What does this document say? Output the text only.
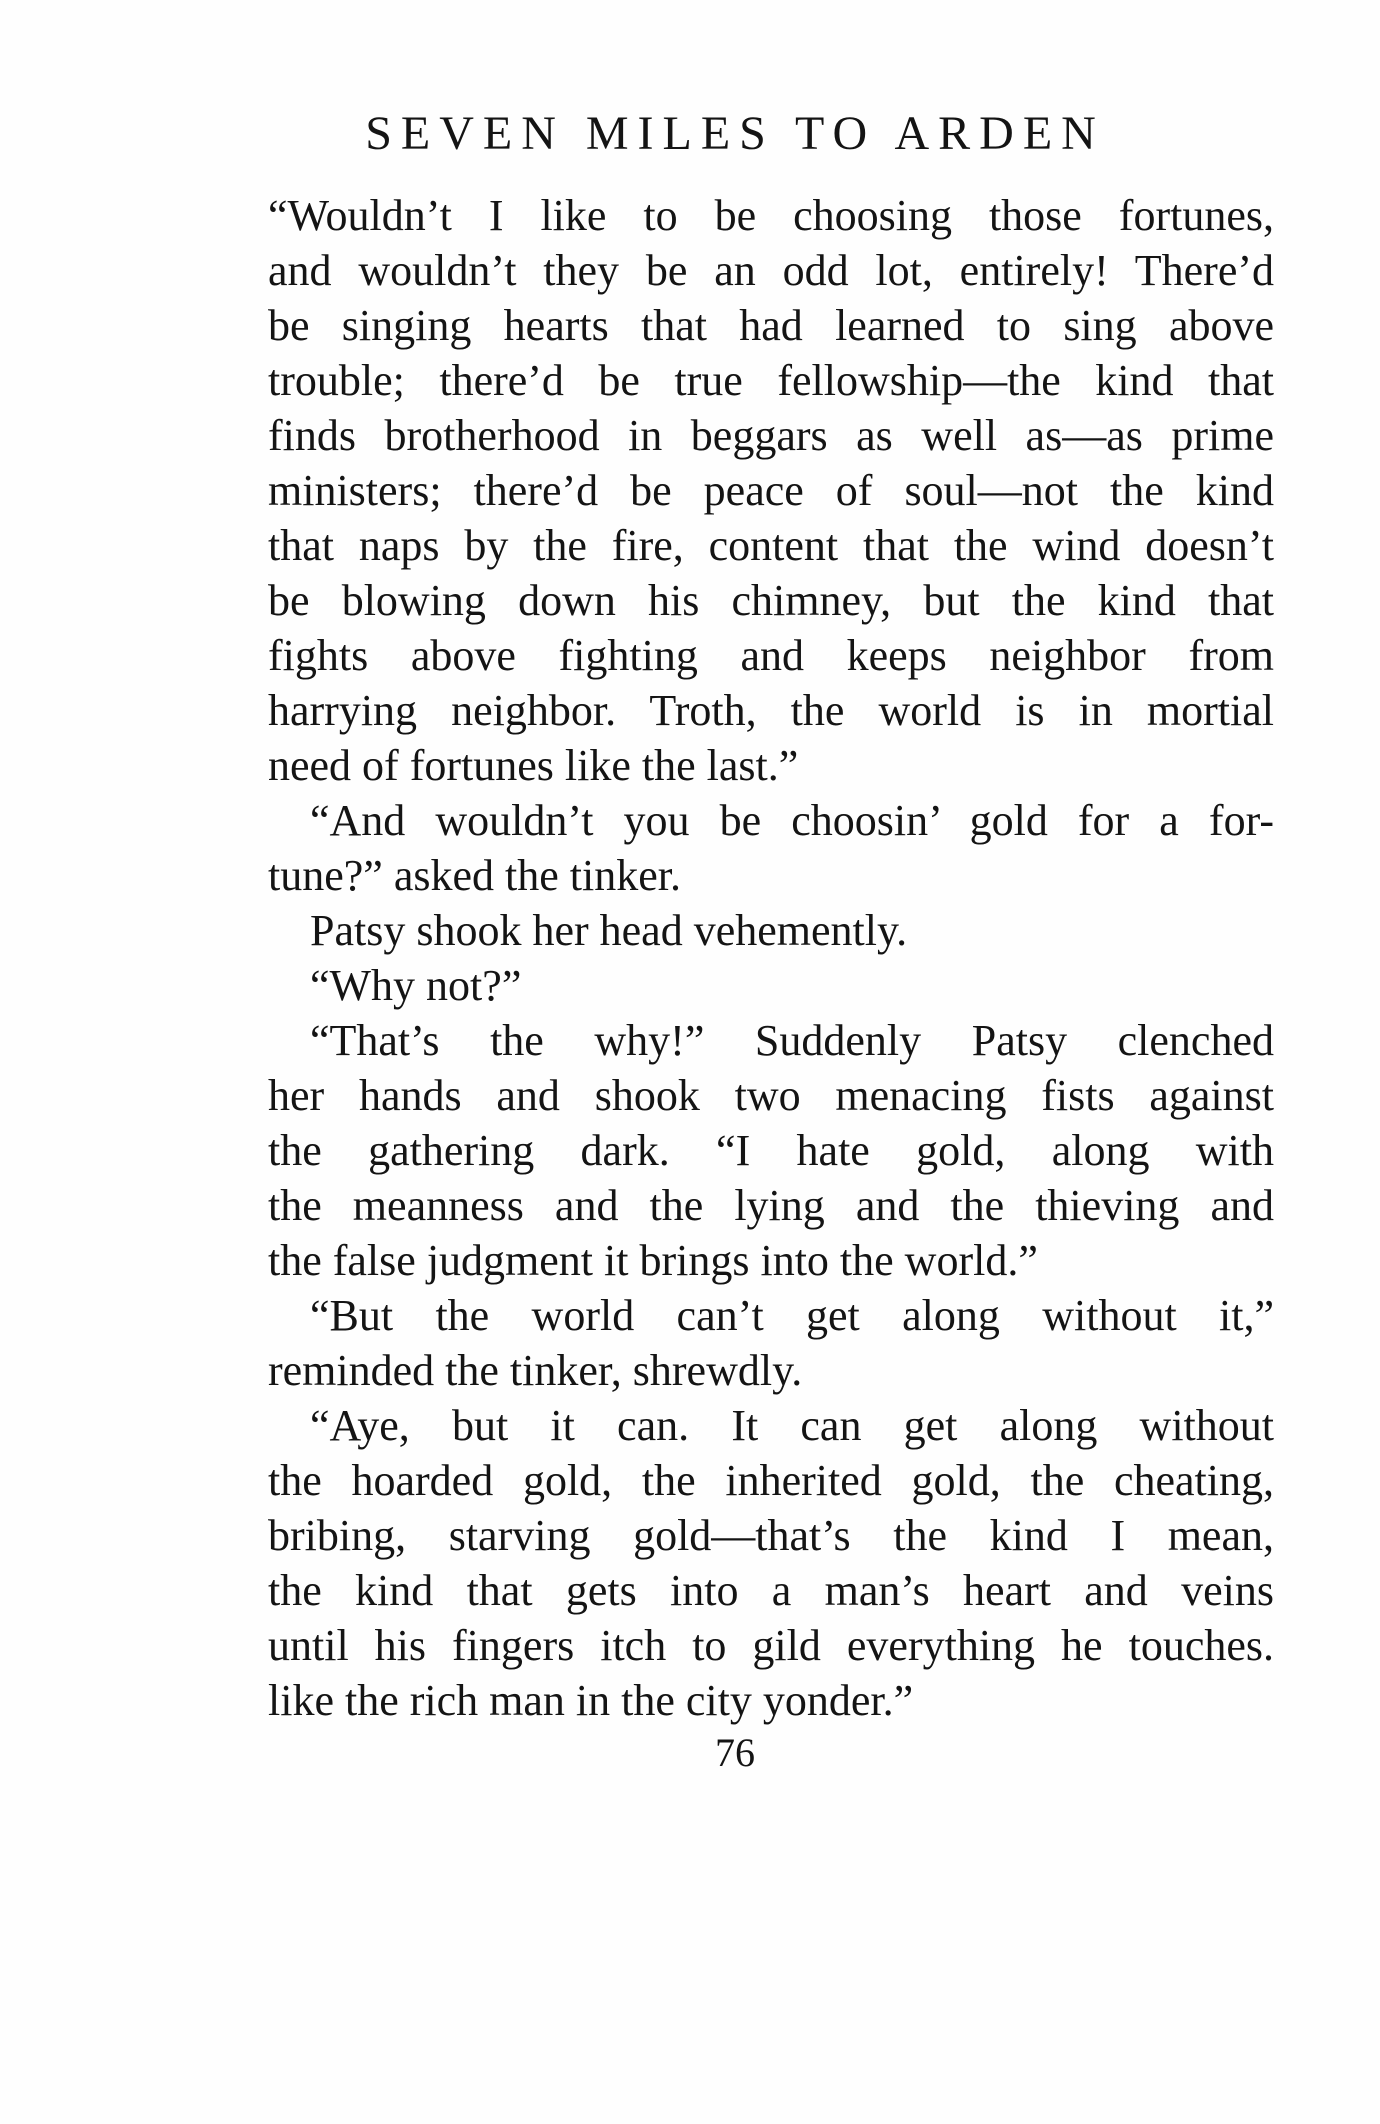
SEVEN MILES TO ARDEN
“Wouldn’t I like to be choosing those fortunes,
and wouldn’t they be an odd lot, entirely! There’d
be singing hearts that had learned to sing above
trouble; there’d be true fellowship—the kind that
finds brotherhood in beggars as well as—as prime
ministers; there’d be peace of soul—not the kind
that naps by the fire, content that the wind doesn’t
be blowing down his chimney, but the kind that
fights above fighting and keeps neighbor from
harrying neighbor. Troth, the world is in mortial
need of fortunes like the last.”
“And wouldn’t you be choosin’ gold for a for-
tune?” asked the tinker.
Patsy shook her head vehemently.
“Why not?”
“That’s the why!” Suddenly Patsy clenched
her hands and shook two menacing fists against
the gathering dark. “I hate gold, along with
the meanness and the lying and the thieving and
the false judgment it brings into the world.”
“But the world can’t get along without it,”
reminded the tinker, shrewdly.
“Aye, but it can. It can get along without
the hoarded gold, the inherited gold, the cheating,
bribing, starving gold—that’s the kind I mean,
the kind that gets into a man’s heart and veins
until his fingers itch to gild everything he touches.
like the rich man in the city yonder.”
76
